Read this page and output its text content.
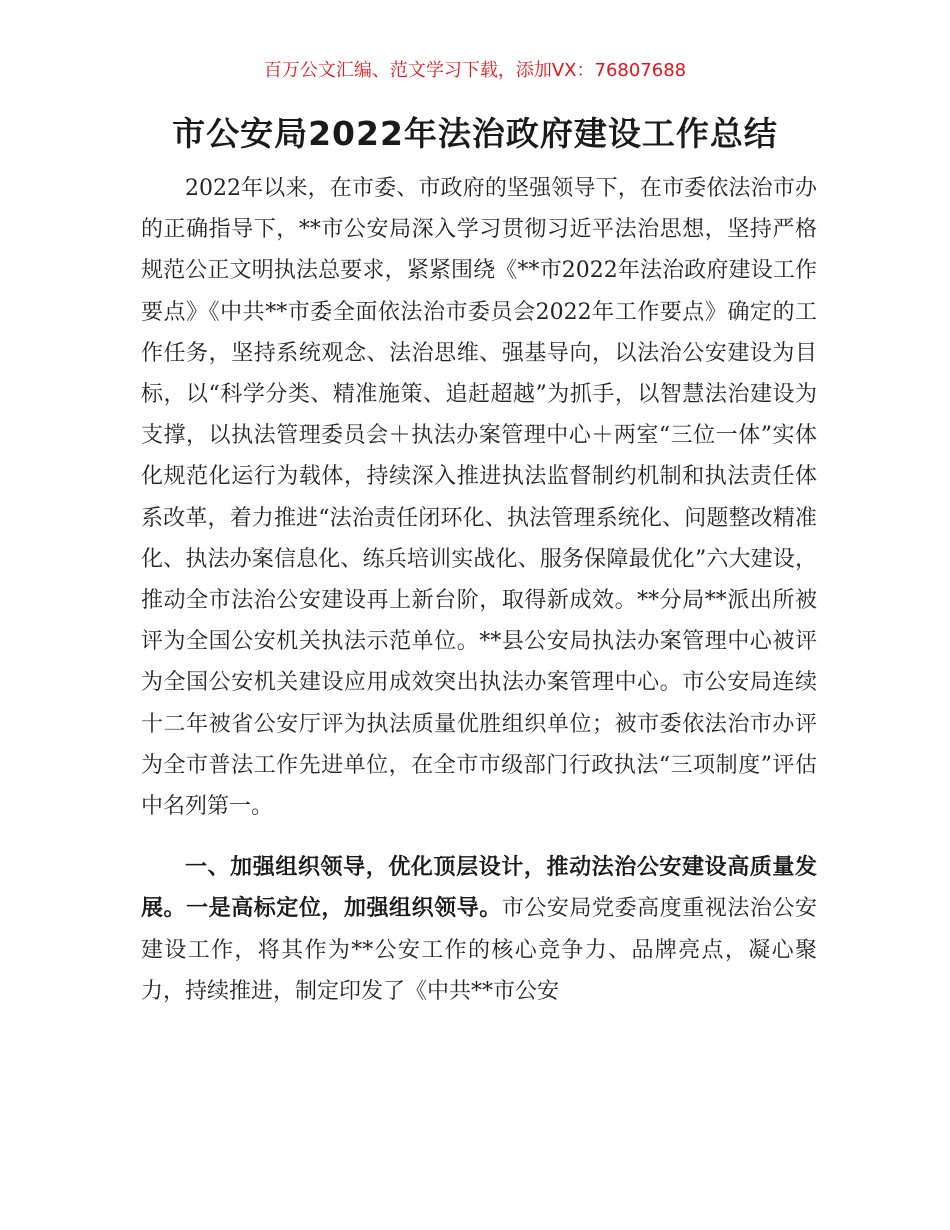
百万公文汇编、范文学习下载，添加VX：76807688
市公安局2022年法治政府建设工作总结

2022年以来，在市委、市政府的坚强领导下，在市委依法治市办的正确指导下，**市公安局深入学习贯彻习近平法治思想，坚持严格规范公正文明执法总要求，紧紧围绕《**市2022年法治政府建设工作要点》《中共**市委全面依法治市委员会2022年工作要点》确定的工作任务，坚持系统观念、法治思维、强基导向，以法治公安建设为目标，以“科学分类、精准施策、追赶超越”为抓手，以智慧法治建设为支撑，以执法管理委员会＋执法办案管理中心＋两室“三位一体”实体化规范化运行为载体，持续深入推进执法监督制约机制和执法责任体系改革，着力推进“法治责任闭环化、执法管理系统化、问题整改精准化、执法办案信息化、练兵培训实战化、服务保障最优化”六大建设，推动全市法治公安建设再上新台阶，取得新成效。**分局**派出所被评为全国公安机关执法示范单位。**县公安局执法办案管理中心被评为全国公安机关建设应用成效突出执法办案管理中心。市公安局连续十二年被省公安厅评为执法质量优胜组织单位；被市委依法治市办评为全市普法工作先进单位，在全市市级部门行政执法“三项制度”评估中名列第一。

一、加强组织领导，优化顶层设计，推动法治公安建设高质量发展。一是高标定位，加强组织领导。市公安局党委高度重视法治公安建设工作，将其作为**公安工作的核心竞争力、品牌亮点，凝心聚力，持续推进，制定印发了《中共**市公安
